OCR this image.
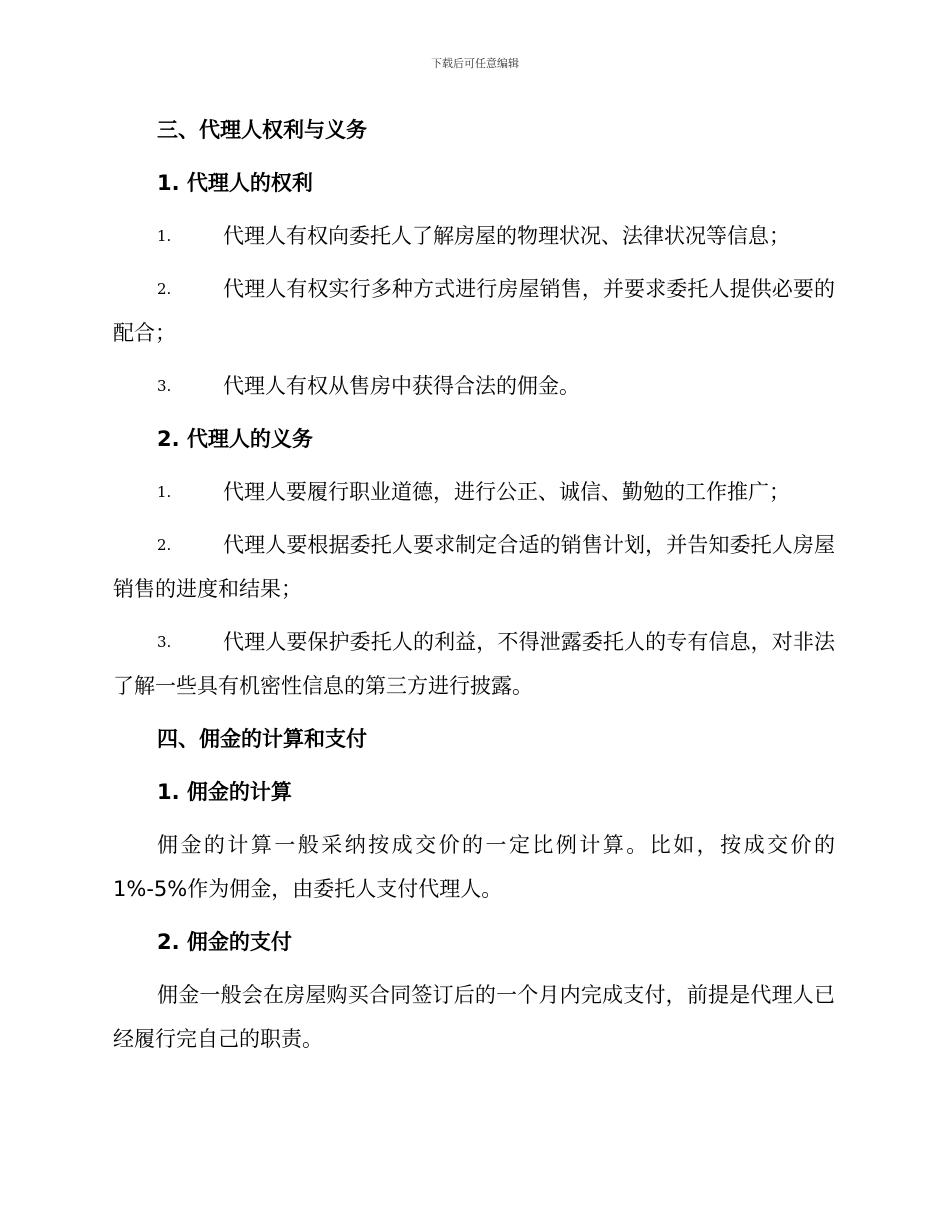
下载后可任意编辑
三、代理人权利与义务
1. 代理人的权利
1. 代理人有权向委托人了解房屋的物理状况、法律状况等信息；
2. 代理人有权实行多种方式进行房屋销售，并要求委托人提供必要的配合；
3. 代理人有权从售房中获得合法的佣金。
2. 代理人的义务
1. 代理人要履行职业道德，进行公正、诚信、勤勉的工作推广；
2. 代理人要根据委托人要求制定合适的销售计划，并告知委托人房屋销售的进度和结果；
3. 代理人要保护委托人的利益，不得泄露委托人的专有信息，对非法了解一些具有机密性信息的第三方进行披露。
四、佣金的计算和支付
1. 佣金的计算
佣金的计算一般采纳按成交价的一定比例计算。比如，按成交价的 1%-5%作为佣金，由委托人支付代理人。
2. 佣金的支付
佣金一般会在房屋购买合同签订后的一个月内完成支付，前提是代理人已经履行完自己的职责。
